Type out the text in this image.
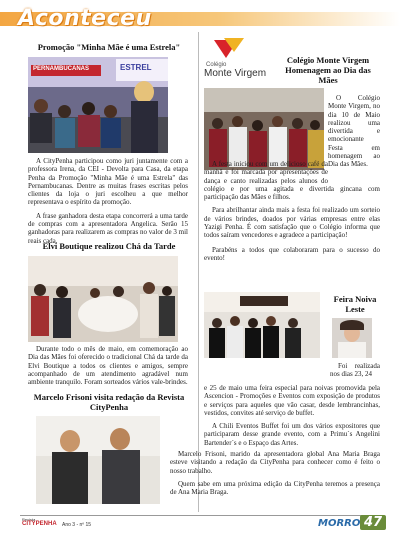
Aconteceu
Promoção "Minha Mãe é uma Estrela"
PERNAMBUCANAS	ESTREL

A CityPenha participou como juri juntamente com a professora Irena, da CEI - Devolta para Casa, da etapa Penha da Promoção "Minha Mãe é uma Estrela" das Pernambucanas. Dentre as muitas frases escritas pelos clientes da loja o juri escolheu a que melhor representava o espírito da promoção.

A frase ganhadora desta etapa concorrerá a uma tarde de compras com a apresentadora Angelica. Serão 15 ganhadoras para realizarem as compras no valor de 3 mil reais cada.

Elvi Boutique realizou Chá da Tarde

Durante todo o mês de maio, em comemoração ao Dia das Mães foi oferecido o tradicional Chá da tarde da Elvi Boutique a todos os clientes e amigos, sempre acompanhado de um atendimento agradável num ambiente tranquilo. Foram sorteados vários vale-brindes.

Marcelo Frisoni visita redação da Revista CityPenha
Colégio
Monte Virgem
Colégio Monte Virgem Homenagem ao Dia das Mães

O Colégio Monte Virgem, no dia 10 de Maio realizou uma divertida e emocionante Festa em homenagem ao Dia das Mães.

A festa iniciou com um delicioso café da manhã e foi marcada por apresentações de dança e canto realizadas pelos alunos do colégio e por uma agitada e divertida gincana com participação das Mães e filhos.

Para abrilhantar ainda mais a festa foi realizado um sorteio de vários brindes, doados por várias empresas entre elas Yazigi Penha. É com satisfação que o Colégio informa que todos saíram vencedores e agradece a participação!

Parabéns a todos que colaboraram para o sucesso do evento!

Feira Noiva Leste

Foi realizada nos dias 23, 24

e 25 de maio uma feira especial para noivas promovida pela Ascencion - Promoções e Eventos com exposição de produtos e serviços para aqueles que vão casar, desde lembrancinhas, vestidos, convites até serviço de buffet.

A Chili Eventos Buffet foi um dos vários expositores que participaram desse grande evento, com a Primu´s Angelini Bartender´s e o Espaço das Artes.

Marcelo Frisoni, marido da apresentadora global Ana Maria Braga esteve visitando a redação da CityPenha para conhecer como é feito o nosso trabalho.

Quem sabe em uma próxima edição da CityPenha teremos a presença de Ana Maria Braga.

Revista
CITYPENHA Ano 3 - nº 15	MORRO 47
